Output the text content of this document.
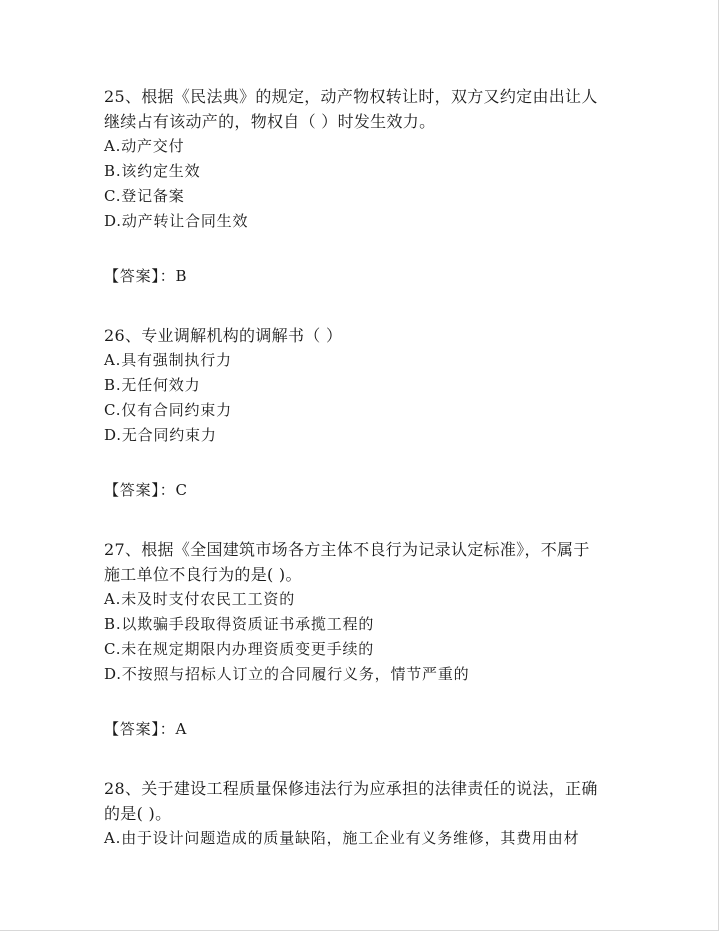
25、根据《民法典》的规定，动产物权转让时，双方又约定由出让人

继续占有该动产的，物权自（ ）时发生效力。

A.动产交付

B.该约定生效

C.登记备案

D.动产转让合同生效

【答案】：B

26、专业调解机构的调解书（ ）

A.具有强制执行力

B.无任何效力

C.仅有合同约束力

D.无合同约束力

【答案】：C

27、根据《全国建筑市场各方主体不良行为记录认定标准》，不属于

施工单位不良行为的是( )。

A.未及时支付农民工工资的

B.以欺骗手段取得资质证书承揽工程的

C.未在规定期限内办理资质变更手续的

D.不按照与招标人订立的合同履行义务，情节严重的

【答案】：A

28、关于建设工程质量保修违法行为应承担的法律责任的说法，正确

的是( )。

A.由于设计问题造成的质量缺陷，施工企业有义务维修，其费用由材
